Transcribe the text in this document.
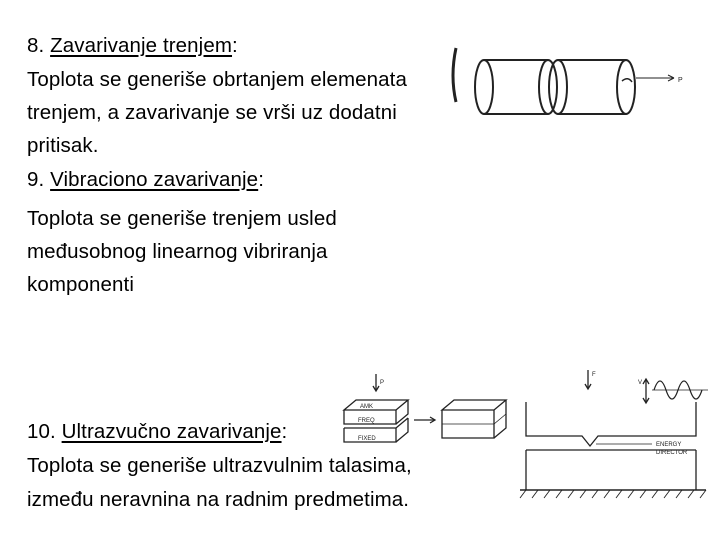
8. Zavarivanje trenjem:
Toplota se generiše obrtanjem elemenata
trenjem, a zavarivanje se vrši uz dodatni
pritisak.
9. Vibraciono zavarivanje:
Toplota se generiše trenjem usled
međusobnog linearnog vibriranja
komponenti
10. Ultrazvučno zavarivanje:
Toplota se generiše ultrazvulnim talasima,
između neravnina na radnim predmetima.
P
P
AMK
FREQ
FIXED
F
V
ENERGY
DIRECTOR
